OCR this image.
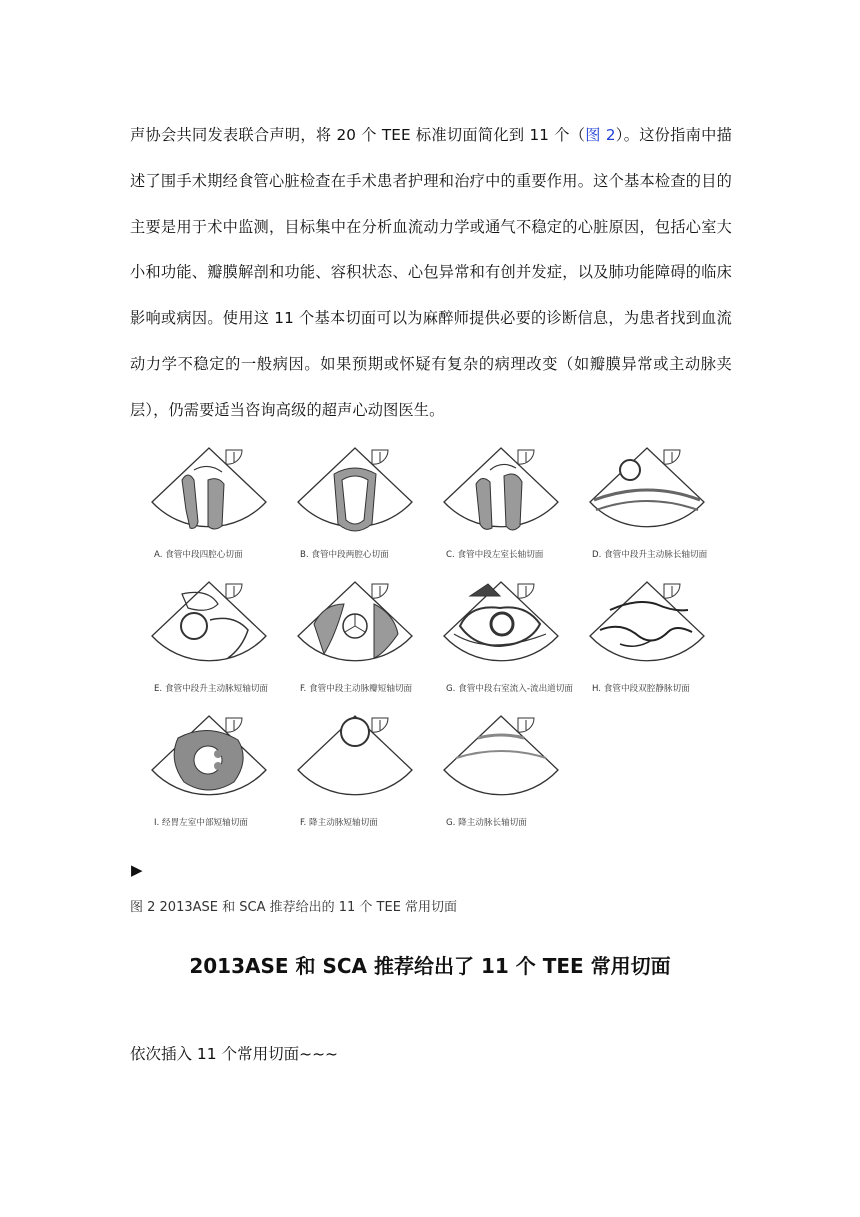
声协会共同发表联合声明，将 20 个 TEE 标准切面简化到 11 个（图 2）。这份指南中描述了围手术期经食管心脏检查在手术患者护理和治疗中的重要作用。这个基本检查的目的主要是用于术中监测，目标集中在分析血流动力学或通气不稳定的心脏原因，包括心室大小和功能、瓣膜解剖和功能、容积状态、心包异常和有创并发症，以及肺功能障碍的临床影响或病因。使用这 11 个基本切面可以为麻醉师提供必要的诊断信息，为患者找到血流动力学不稳定的一般病因。如果预期或怀疑有复杂的病理改变（如瓣膜异常或主动脉夹层），仍需要适当咨询高级的超声心动图医生。

A. 食管中段四腔心切面	B. 食管中段两腔心切面	C. 食管中段左室长轴切面	D. 食管中段升主动脉长轴切面
E. 食管中段升主动脉短轴切面	F. 食管中段主动脉瓣短轴切面	G. 食管中段右室流入-流出道切面 H. 食管中段双腔静脉切面
I. 经胃左室中部短轴切面	F. 降主动脉短轴切面	G. 降主动脉长轴切面
▶
图 2 2013ASE 和 SCA 推荐给出的 11 个 TEE 常用切面
2013ASE 和 SCA 推荐给出了 11 个 TEE 常用切面
依次插入 11 个常用切面~~~
